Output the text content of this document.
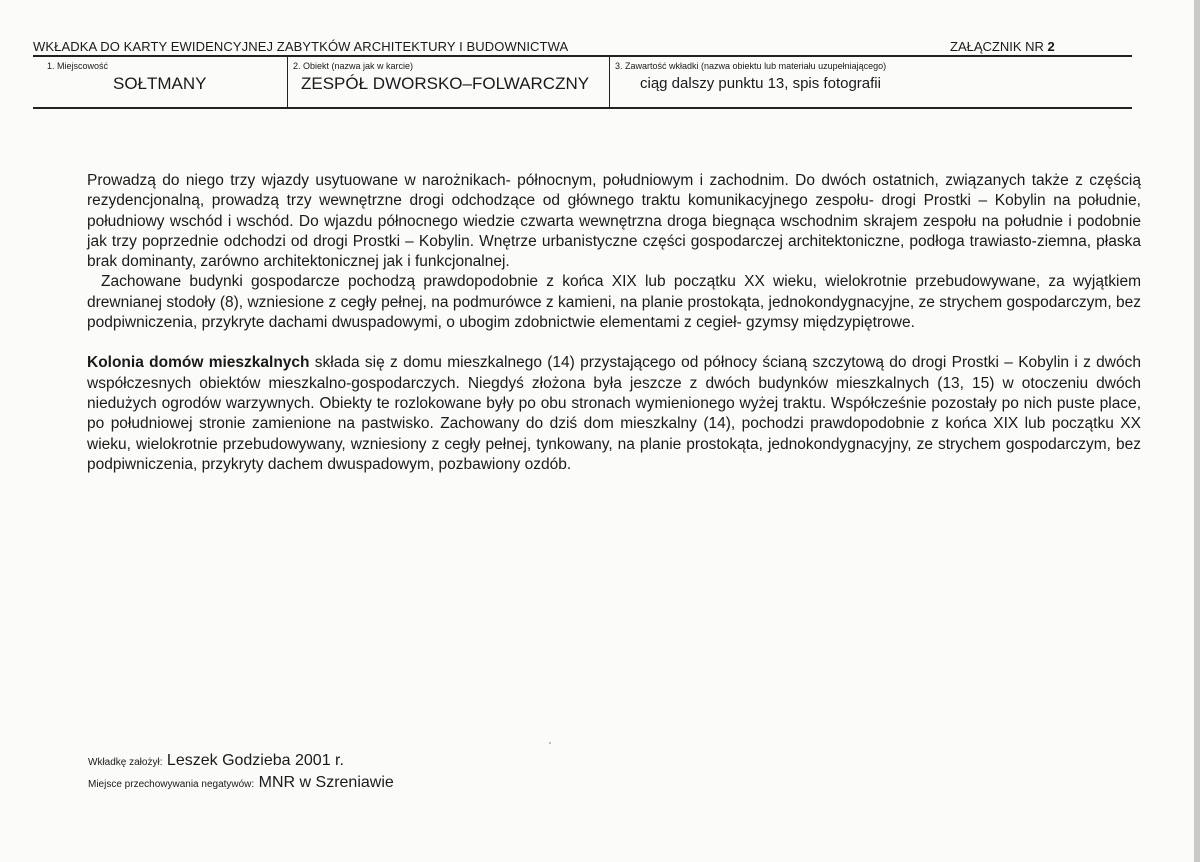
WKŁADKA DO KARTY EWIDENCYJNEJ ZABYTKÓW ARCHITEKTURY I BUDOWNICTWA	ZAŁĄCZNIK NR 2
1. Miejscowość
SOŁTMANY
2. Obiekt (nazwa jak w karcie)
ZESPÓŁ DWORSKO–FOLWARCZNY
3. Zawartość wkładki (nazwa obiektu lub materiału uzupełniającego)
ciąg dalszy punktu 13, spis fotografii

Prowadzą do niego trzy wjazdy usytuowane w narożnikach- północnym, południowym i zachodnim. Do dwóch ostatnich, związanych także z częścią rezydencjonalną, prowadzą trzy wewnętrzne drogi odchodzące od głównego traktu komunikacyjnego zespołu- drogi Prostki – Kobylin na południe, południowy wschód i wschód. Do wjazdu północnego wiedzie czwarta wewnętrzna droga biegnąca wschodnim skrajem zespołu na południe i podobnie jak trzy poprzednie odchodzi od drogi Prostki – Kobylin. Wnętrze urbanistyczne części gospodarczej architektoniczne, podłoga trawiasto-ziemna, płaska brak dominanty, zarówno architektonicznej jak i funkcjonalnej.

Zachowane budynki gospodarcze pochodzą prawdopodobnie z końca XIX lub początku XX wieku, wielokrotnie przebudowywane, za wyjątkiem drewnianej stodoły (8), wzniesione z cegły pełnej, na podmurówce z kamieni, na planie prostokąta, jednokondygnacyjne, ze strychem gospodarczym, bez podpiwniczenia, przykryte dachami dwuspadowymi, o ubogim zdobnictwie elementami z cegieł- gzymsy międzypiętrowe.

Kolonia domów mieszkalnych składa się z domu mieszkalnego (14) przystającego od północy ścianą szczytową do drogi Prostki – Kobylin i z dwóch współczesnych obiektów mieszkalno-gospodarczych. Niegdyś złożona była jeszcze z dwóch budynków mieszkalnych (13, 15) w otoczeniu dwóch niedużych ogrodów warzywnych. Obiekty te rozlokowane były po obu stronach wymienionego wyżej traktu. Współcześnie pozostały po nich puste place, po południowej stronie zamienione na pastwisko. Zachowany do dziś dom mieszkalny (14), pochodzi prawdopodobnie z końca XIX lub początku XX wieku, wielokrotnie przebudowywany, wzniesiony z cegły pełnej, tynkowany, na planie prostokąta, jednokondygnacyjny, ze strychem gospodarczym, bez podpiwniczenia, przykryty dachem dwuspadowym, pozbawiony ozdób.

Wkładkę założył: Leszek Godzieba 2001 r.
Miejsce przechowywania negatywów: MNR w Szreniawie
